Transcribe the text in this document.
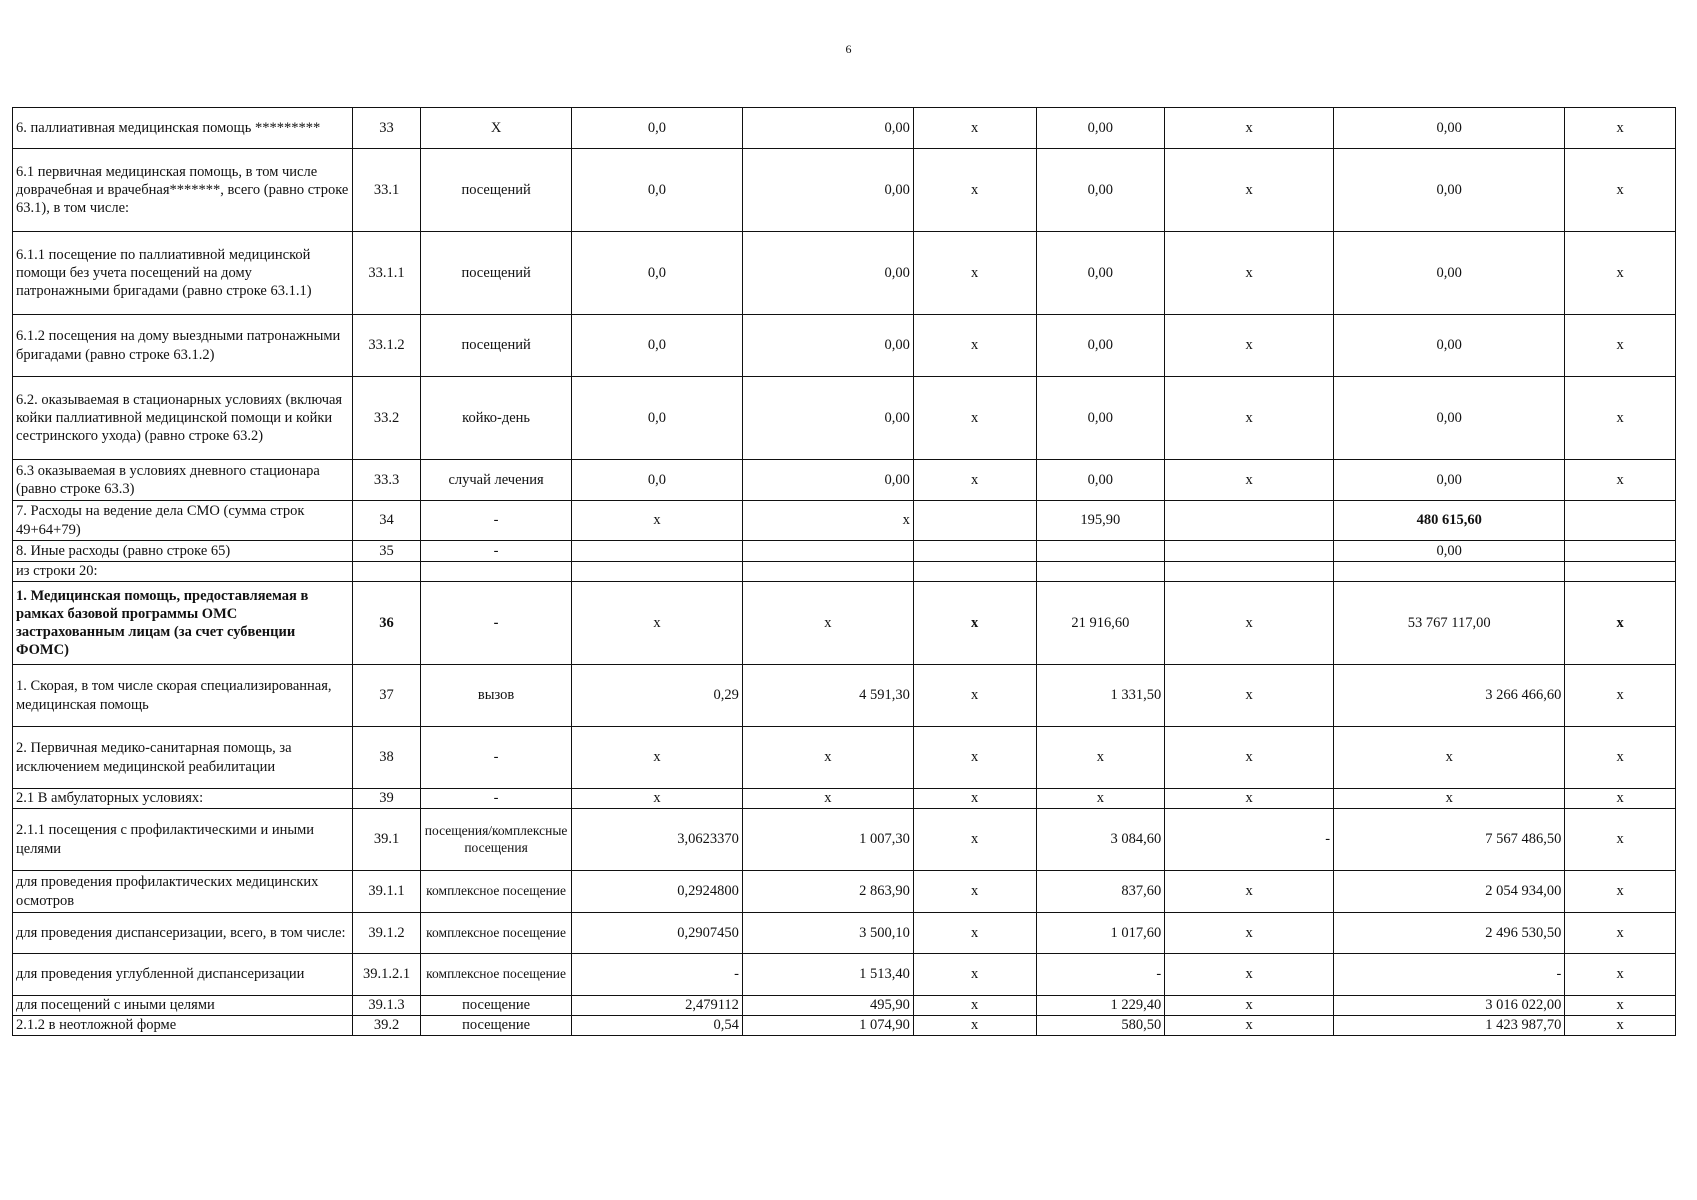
6
6. паллиативная медицинская помощь *********	33	Х	0,0	0,00	х	0,00	х	0,00	х
6.1 первичная медицинская помощь, в том числе доврачебная и врачебная*******, всего (равно строке 63.1), в том числе:	33.1	посещений	0,0	0,00	х	0,00	х	0,00	х
6.1.1 посещение по паллиативной медицинской помощи без учета посещений на дому патронажными бригадами (равно строке 63.1.1)	33.1.1	посещений	0,0	0,00	х	0,00	х	0,00	х
6.1.2 посещения на дому выездными патронажными бригадами (равно строке 63.1.2)	33.1.2	посещений	0,0	0,00	х	0,00	х	0,00	х
6.2. оказываемая в стационарных условиях (включая койки паллиативной медицинской помощи и койки сестринского ухода) (равно строке 63.2)	33.2	койко-день	0,0	0,00	х	0,00	х	0,00	х
6.3 оказываемая в условиях дневного стационара (равно строке 63.3)	33.3	случай лечения	0,0	0,00	х	0,00	х	0,00	х
7. Расходы на ведение дела СМО (сумма строк 49+64+79)	34	-	х	х		195,90		480 615,60	
8. Иные расходы (равно строке 65)	35	-						0,00	
из строки 20:									
1. Медицинская помощь, предоставляемая в рамках базовой программы ОМС застрахованным лицам (за счет субвенции ФОМС)	36	-	х	х	х	21 916,60	х	53 767 117,00	х
1. Скорая, в том числе скорая специализированная, медицинская помощь	37	вызов	0,29	4 591,30	х	1 331,50	х	3 266 466,60	х
2. Первичная медико-санитарная помощь, за исключением медицинской реабилитации	38	-	х	х	х	х	х	х	х
2.1 В амбулаторных условиях:	39	-	х	х	х	х	х	х	х
2.1.1 посещения с профилактическими и иными целями	39.1	посещения/комплексные посещения	3,0623370	1 007,30	х	3 084,60	-	7 567 486,50	х
для проведения профилактических медицинских осмотров	39.1.1	комплексное посещение	0,2924800	2 863,90	х	837,60	х	2 054 934,00	х
для проведения диспансеризации, всего, в том числе:	39.1.2	комплексное посещение	0,2907450	3 500,10	х	1 017,60	х	2 496 530,50	х
для проведения углубленной диспансеризации	39.1.2.1	комплексное посещение	-	1 513,40	х	-	х	-	х
для посещений с иными целями	39.1.3	посещение	2,479112	495,90	х	1 229,40	х	3 016 022,00	х
2.1.2 в неотложной форме	39.2	посещение	0,54	1 074,90	х	580,50	х	1 423 987,70	х
